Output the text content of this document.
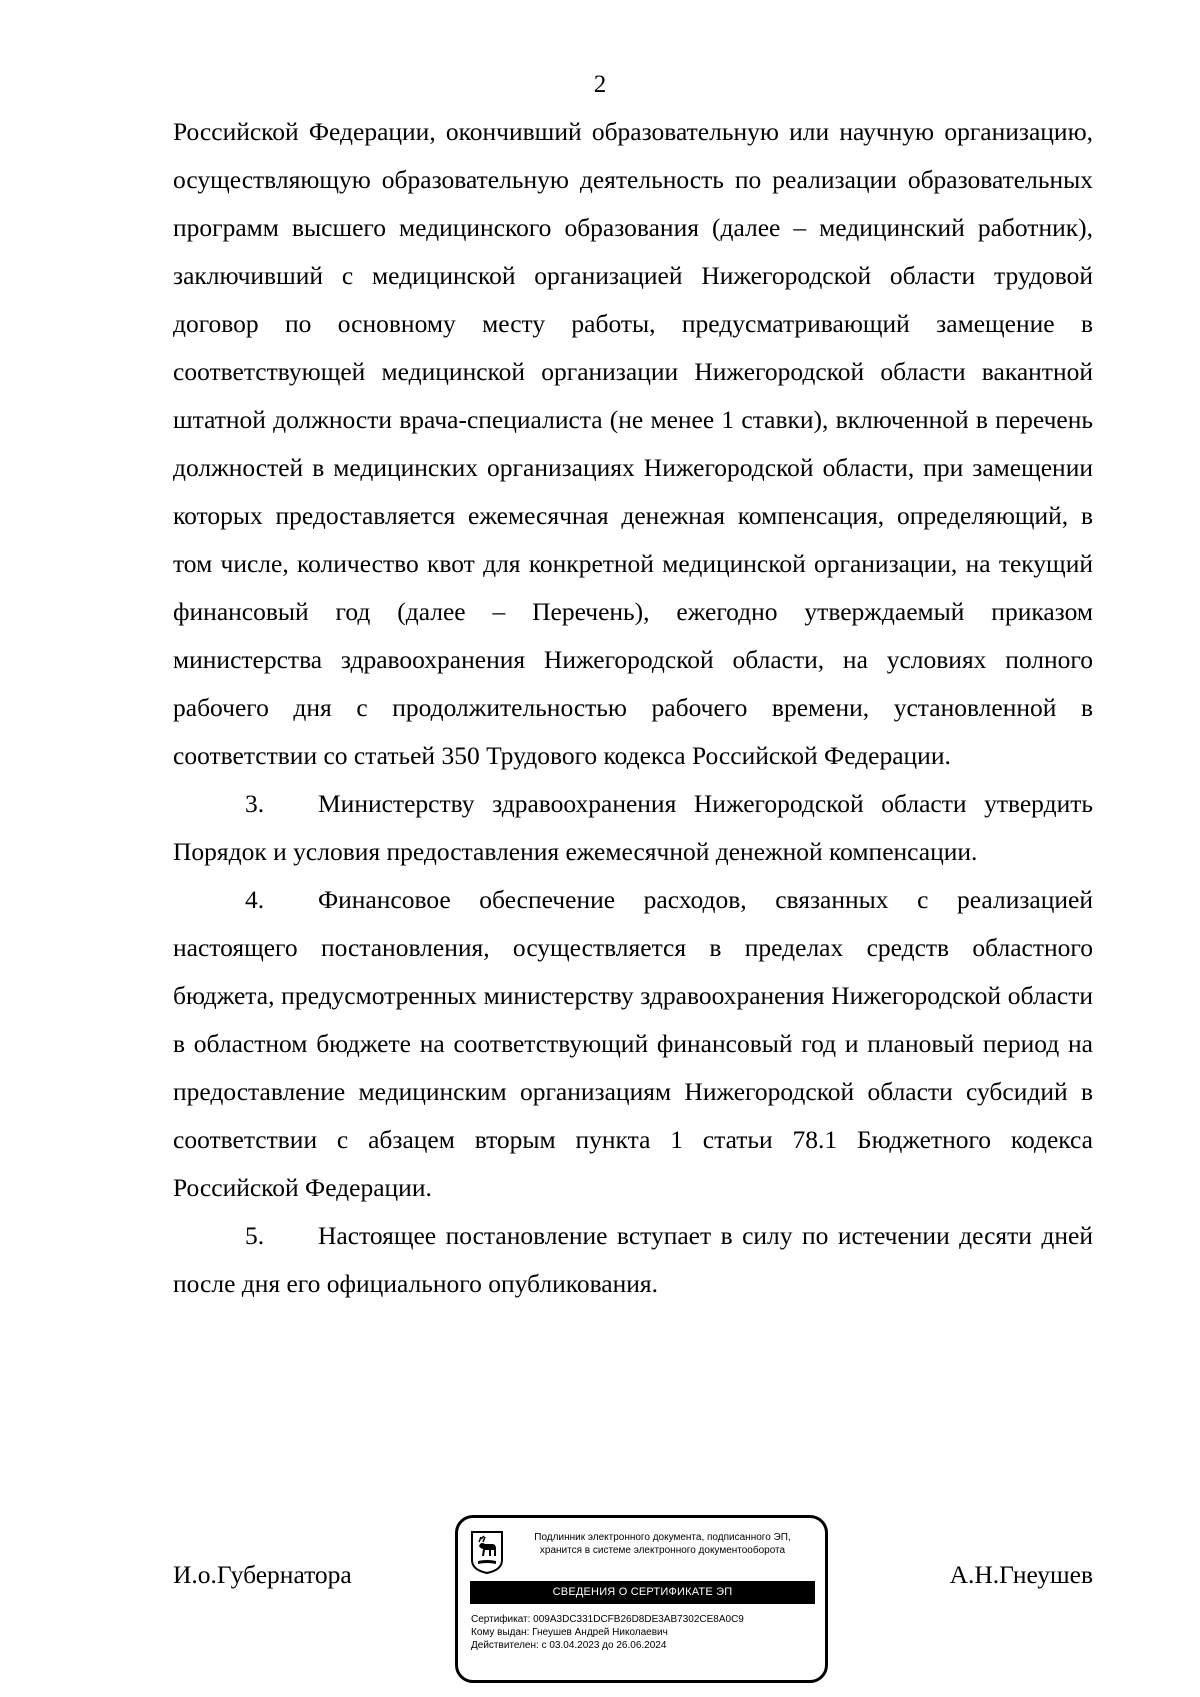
2

Российской Федерации, окончивший образовательную или научную организацию, осуществляющую образовательную деятельность по реализации образовательных программ высшего медицинского образования (далее – медицинский работник), заключивший с медицинской организацией Нижегородской области трудовой договор по основному месту работы, предусматривающий замещение в соответствующей медицинской организации Нижегородской области вакантной штатной должности врача-специалиста (не менее 1 ставки), включенной в перечень должностей в медицинских организациях Нижегородской области, при замещении которых предоставляется ежемесячная денежная компенсация, определяющий, в том числе, количество квот для конкретной медицинской организации, на текущий финансовый год (далее – Перечень), ежегодно утверждаемый приказом министерства здравоохранения Нижегородской области, на условиях полного рабочего дня с продолжительностью рабочего времени, установленной в соответствии со статьей 350 Трудового кодекса Российской Федерации.

3. Министерству здравоохранения Нижегородской области утвердить Порядок и условия предоставления ежемесячной денежной компенсации.

4. Финансовое обеспечение расходов, связанных с реализацией настоящего постановления, осуществляется в пределах средств областного бюджета, предусмотренных министерству здравоохранения Нижегородской области в областном бюджете на соответствующий финансовый год и плановый период на предоставление медицинским организациям Нижегородской области субсидий в соответствии с абзацем вторым пункта 1 статьи 78.1 Бюджетного кодекса Российской Федерации.

5. Настоящее постановление вступает в силу по истечении десяти дней после дня его официального опубликования.

И.о.Губернатора	А.Н.Гнеушев
Подлинник электронного документа, подписанного ЭП,
хранится в системе электронного документооборота
СВЕДЕНИЯ О СЕРТИФИКАТЕ ЭП
Сертификат: 009A3DC331DCFB26D8DE3AB7302CE8A0C9
Кому выдан: Гнеушев Андрей Николаевич
Действителен: с 03.04.2023 до 26.06.2024
